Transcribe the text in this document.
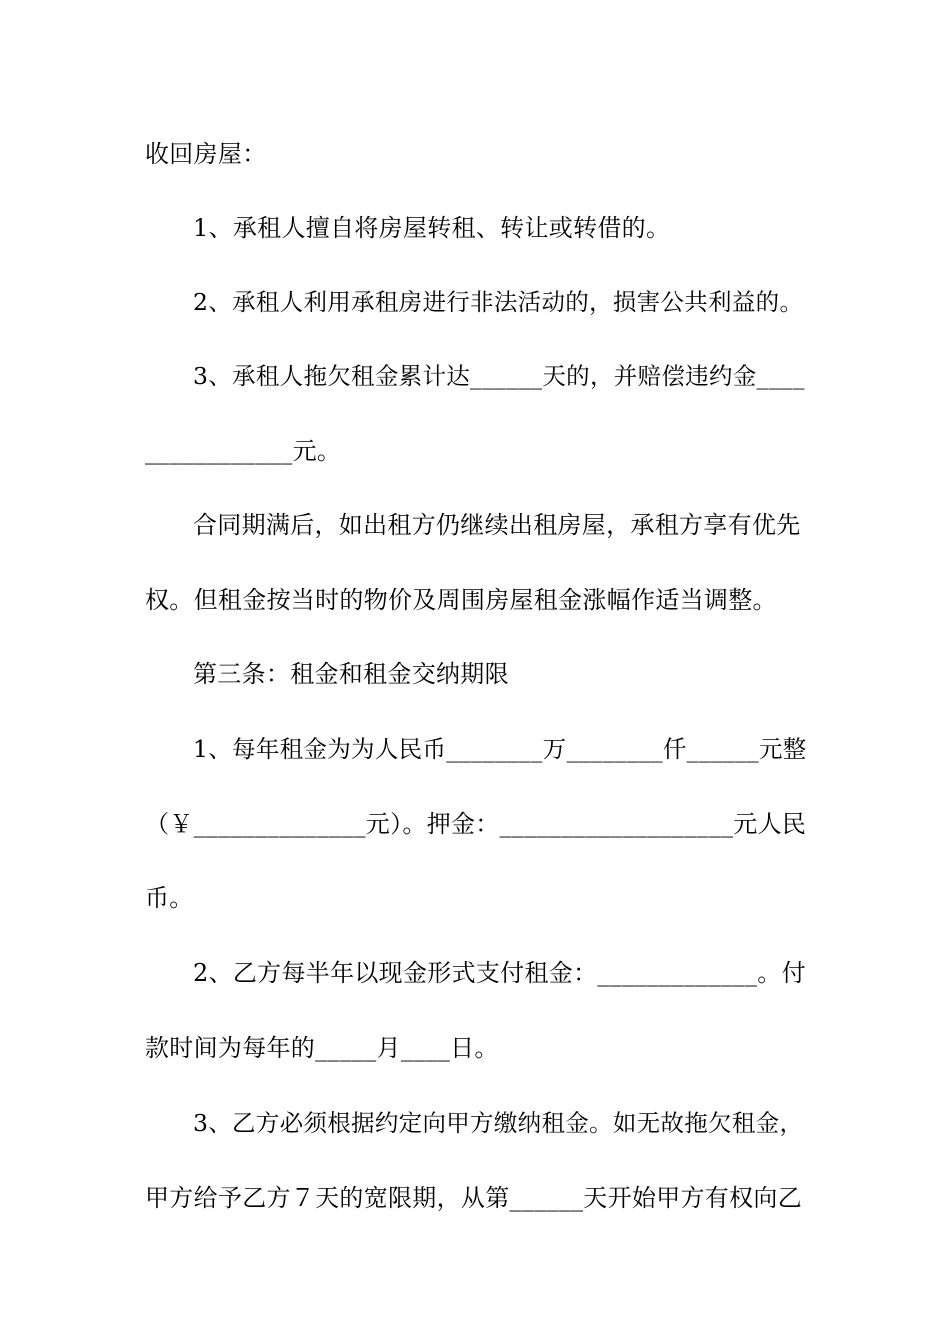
收回房屋：
1、承租人擅自将房屋转租、转让或转借的。
2、承租人利用承租房进行非法活动的，损害公共利益的。
3、承租人拖欠租金累计达______天的，并赔偿违约金____
____________元。
合同期满后，如出租方仍继续出租房屋，承租方享有优先
权。但租金按当时的物价及周围房屋租金涨幅作适当调整。
第三条：租金和租金交纳期限
1、每年租金为为人民币________万________仟______元整
（￥______________元）。押金：___________________元人民
币。
2、乙方每半年以现金形式支付租金：_____________。付
款时间为每年的_____月____日。
3、乙方必须根据约定向甲方缴纳租金。如无故拖欠租金，
甲方给予乙方７天的宽限期，从第______天开始甲方有权向乙
